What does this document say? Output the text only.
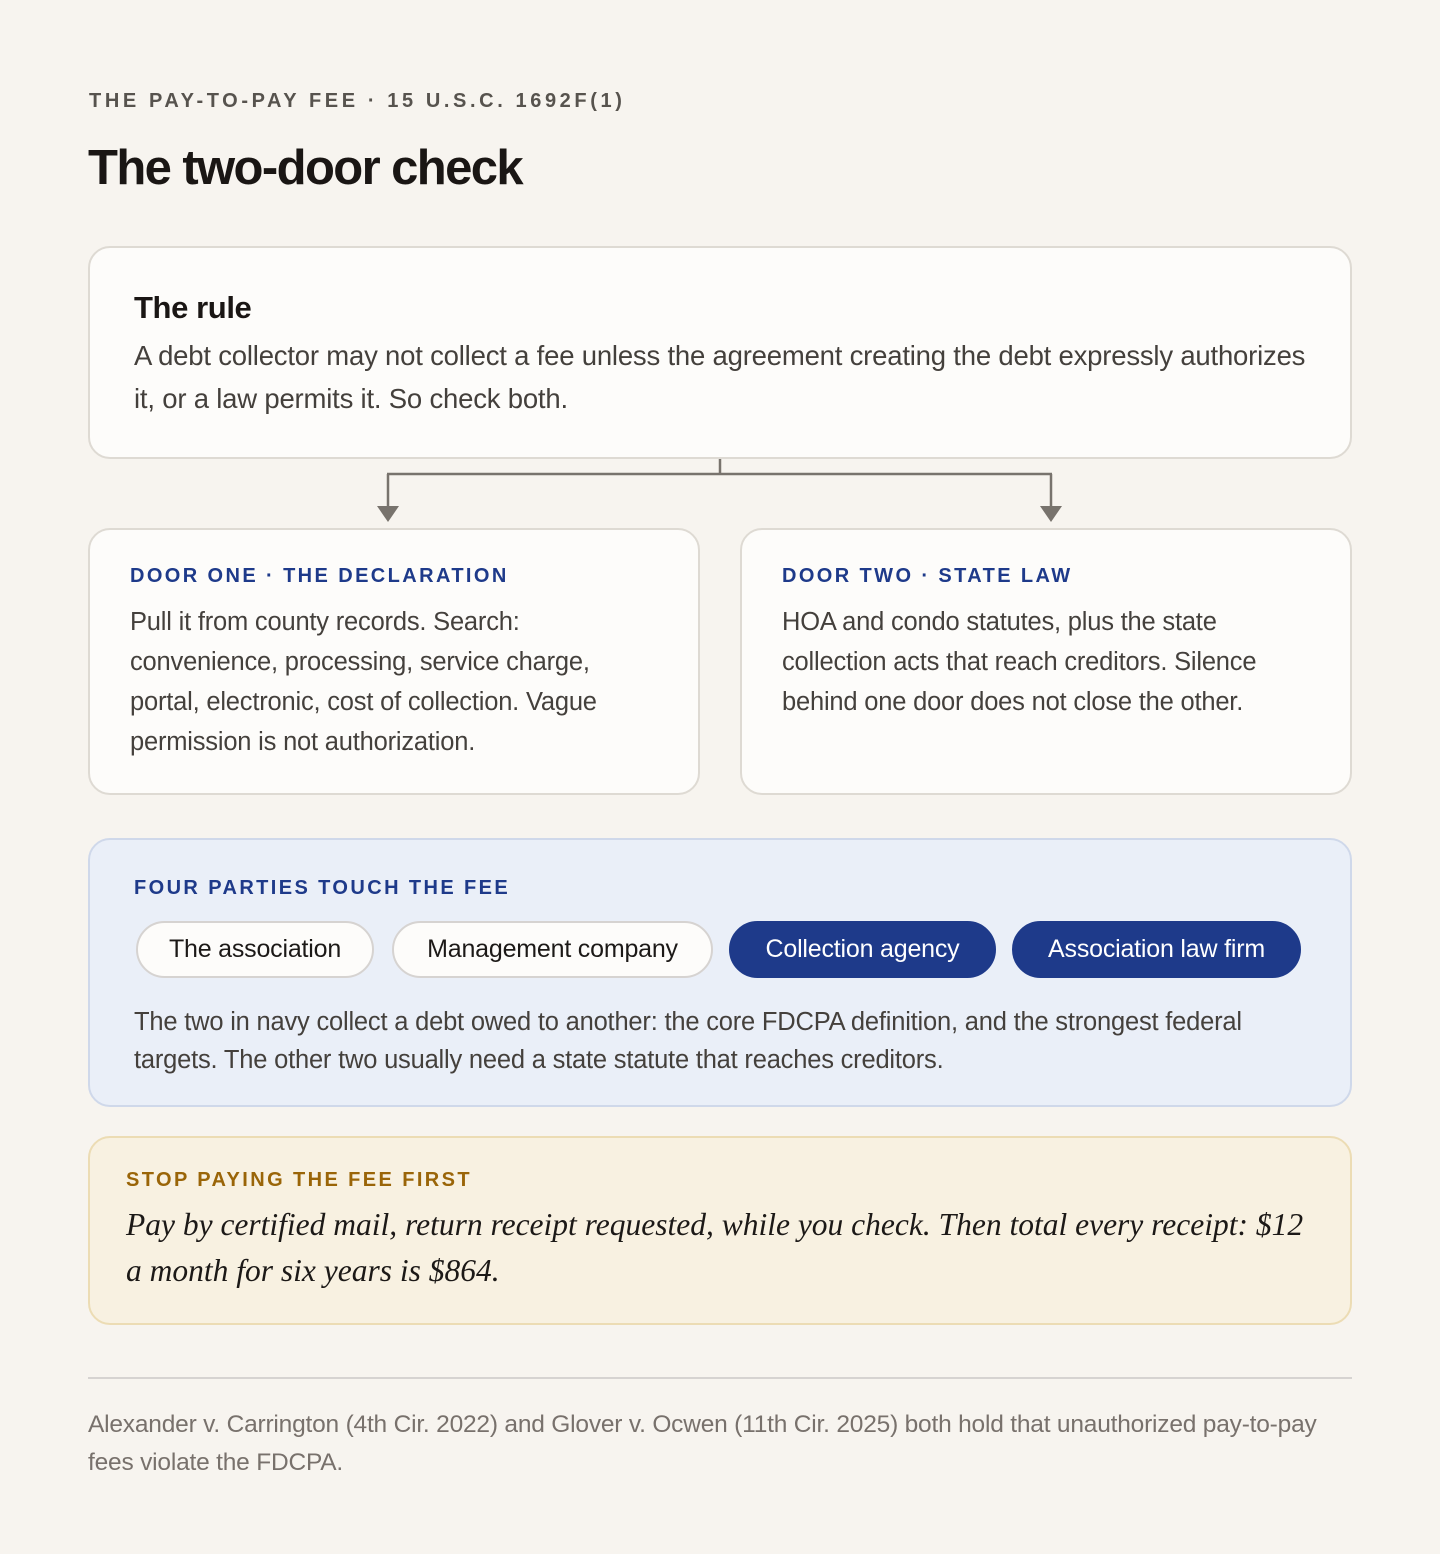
THE PAY-TO-PAY FEE · 15 U.S.C. 1692F(1)
The two-door check
The rule
A debt collector may not collect a fee unless the agreement creating the debt expressly authorizes it, or a law permits it. So check both.
DOOR ONE · THE DECLARATION
Pull it from county records. Search: convenience, processing, service charge, portal, electronic, cost of collection. Vague permission is not authorization.
DOOR TWO · STATE LAW
HOA and condo statutes, plus the state collection acts that reach creditors. Silence behind one door does not close the other.
FOUR PARTIES TOUCH THE FEE
The association	Management company	Collection agency	Association law firm
The two in navy collect a debt owed to another: the core FDCPA definition, and the strongest federal targets. The other two usually need a state statute that reaches creditors.
STOP PAYING THE FEE FIRST
Pay by certified mail, return receipt requested, while you check. Then total every receipt: $12 a month for six years is $864.
Alexander v. Carrington (4th Cir. 2022) and Glover v. Ocwen (11th Cir. 2025) both hold that unauthorized pay-to-pay fees violate the FDCPA.
